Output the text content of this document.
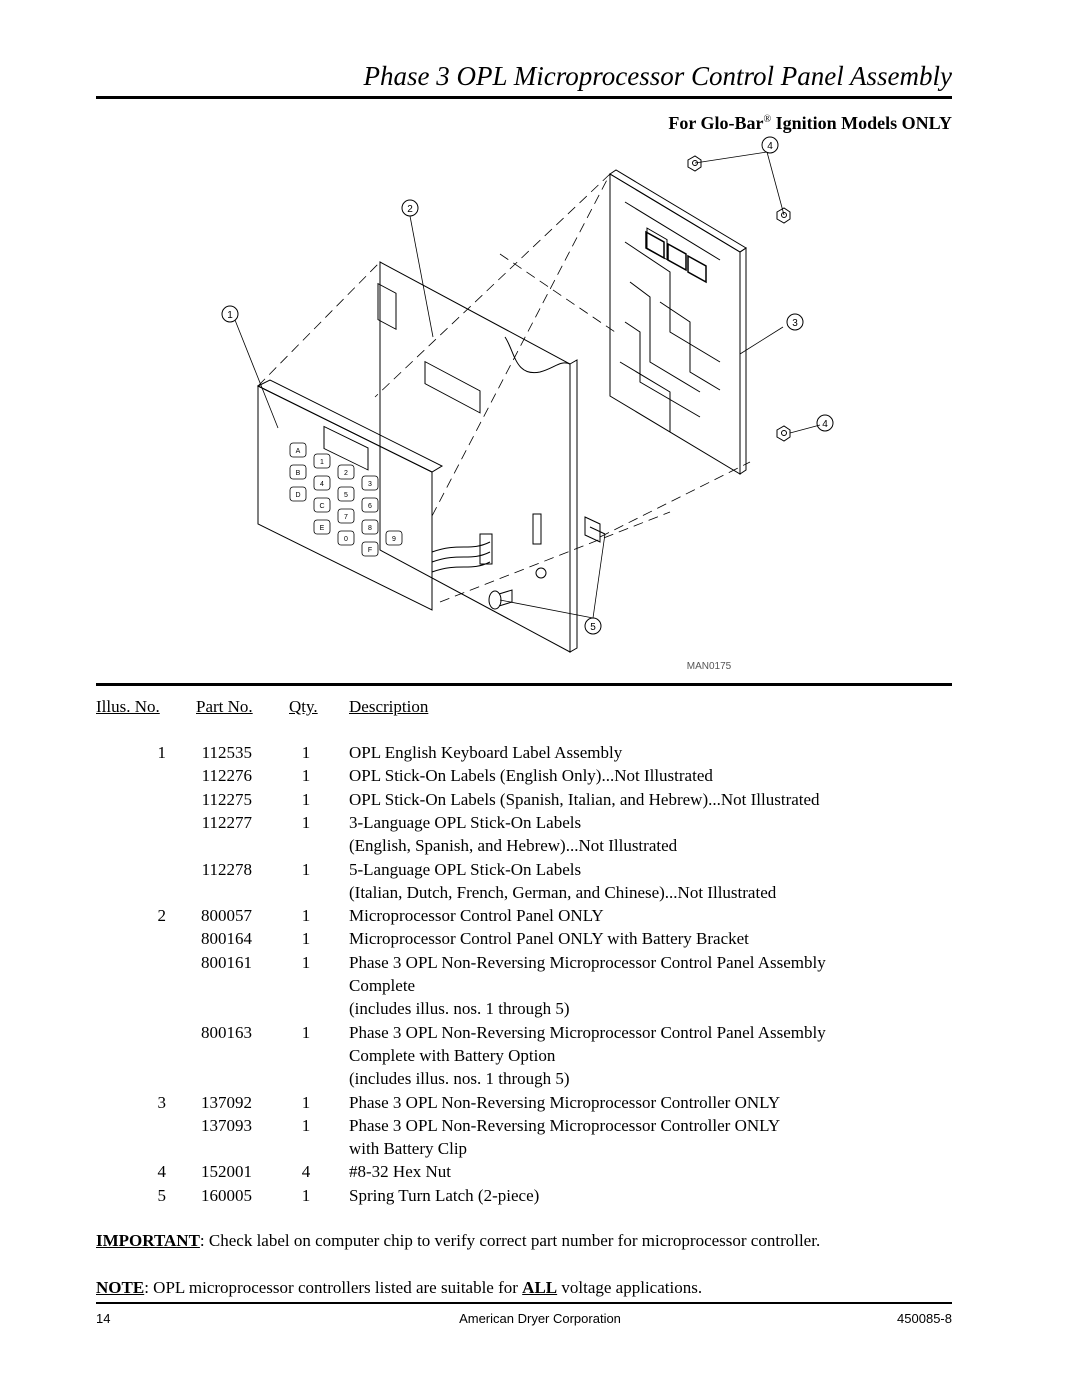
Phase 3 OPL Microprocessor Control Panel Assembly
For Glo-Bar® Ignition Models ONLY
1
2
3
4
4
5
A
1
2
3
B
4
5
6
D
C
7
8
9
E
0
F
MAN0175
Illus. No. Part No. Qty. Description
1	112535	1	OPL English Keyboard Label Assembly
112276	1	OPL Stick-On Labels (English Only)...Not Illustrated
112275	1	OPL Stick-On Labels (Spanish, Italian, and Hebrew)...Not Illustrated
112277	1	3-Language OPL Stick-On Labels
(English, Spanish, and Hebrew)...Not Illustrated
112278	1	5-Language OPL Stick-On Labels
(Italian, Dutch, French, German, and Chinese)...Not Illustrated
2 800057	1	Microprocessor Control Panel ONLY
800164	1	Microprocessor Control Panel ONLY with Battery Bracket
800161	1	Phase 3 OPL Non-Reversing Microprocessor Control Panel Assembly
Complete
(includes illus. nos. 1 through 5)
800163	1	Phase 3 OPL Non-Reversing Microprocessor Control Panel Assembly
Complete with Battery Option
(includes illus. nos. 1 through 5)
3 137092	1	Phase 3 OPL Non-Reversing Microprocessor Controller ONLY
137093	1	Phase 3 OPL Non-Reversing Microprocessor Controller ONLY
with Battery Clip
4 152001	4	#8-32 Hex Nut
5 160005	1	Spring Turn Latch (2-piece)
IMPORTANT: Check label on computer chip to verify correct part number for microprocessor controller.
NOTE: OPL microprocessor controllers listed are suitable for ALL voltage applications.
14	American Dryer Corporation	450085-8
